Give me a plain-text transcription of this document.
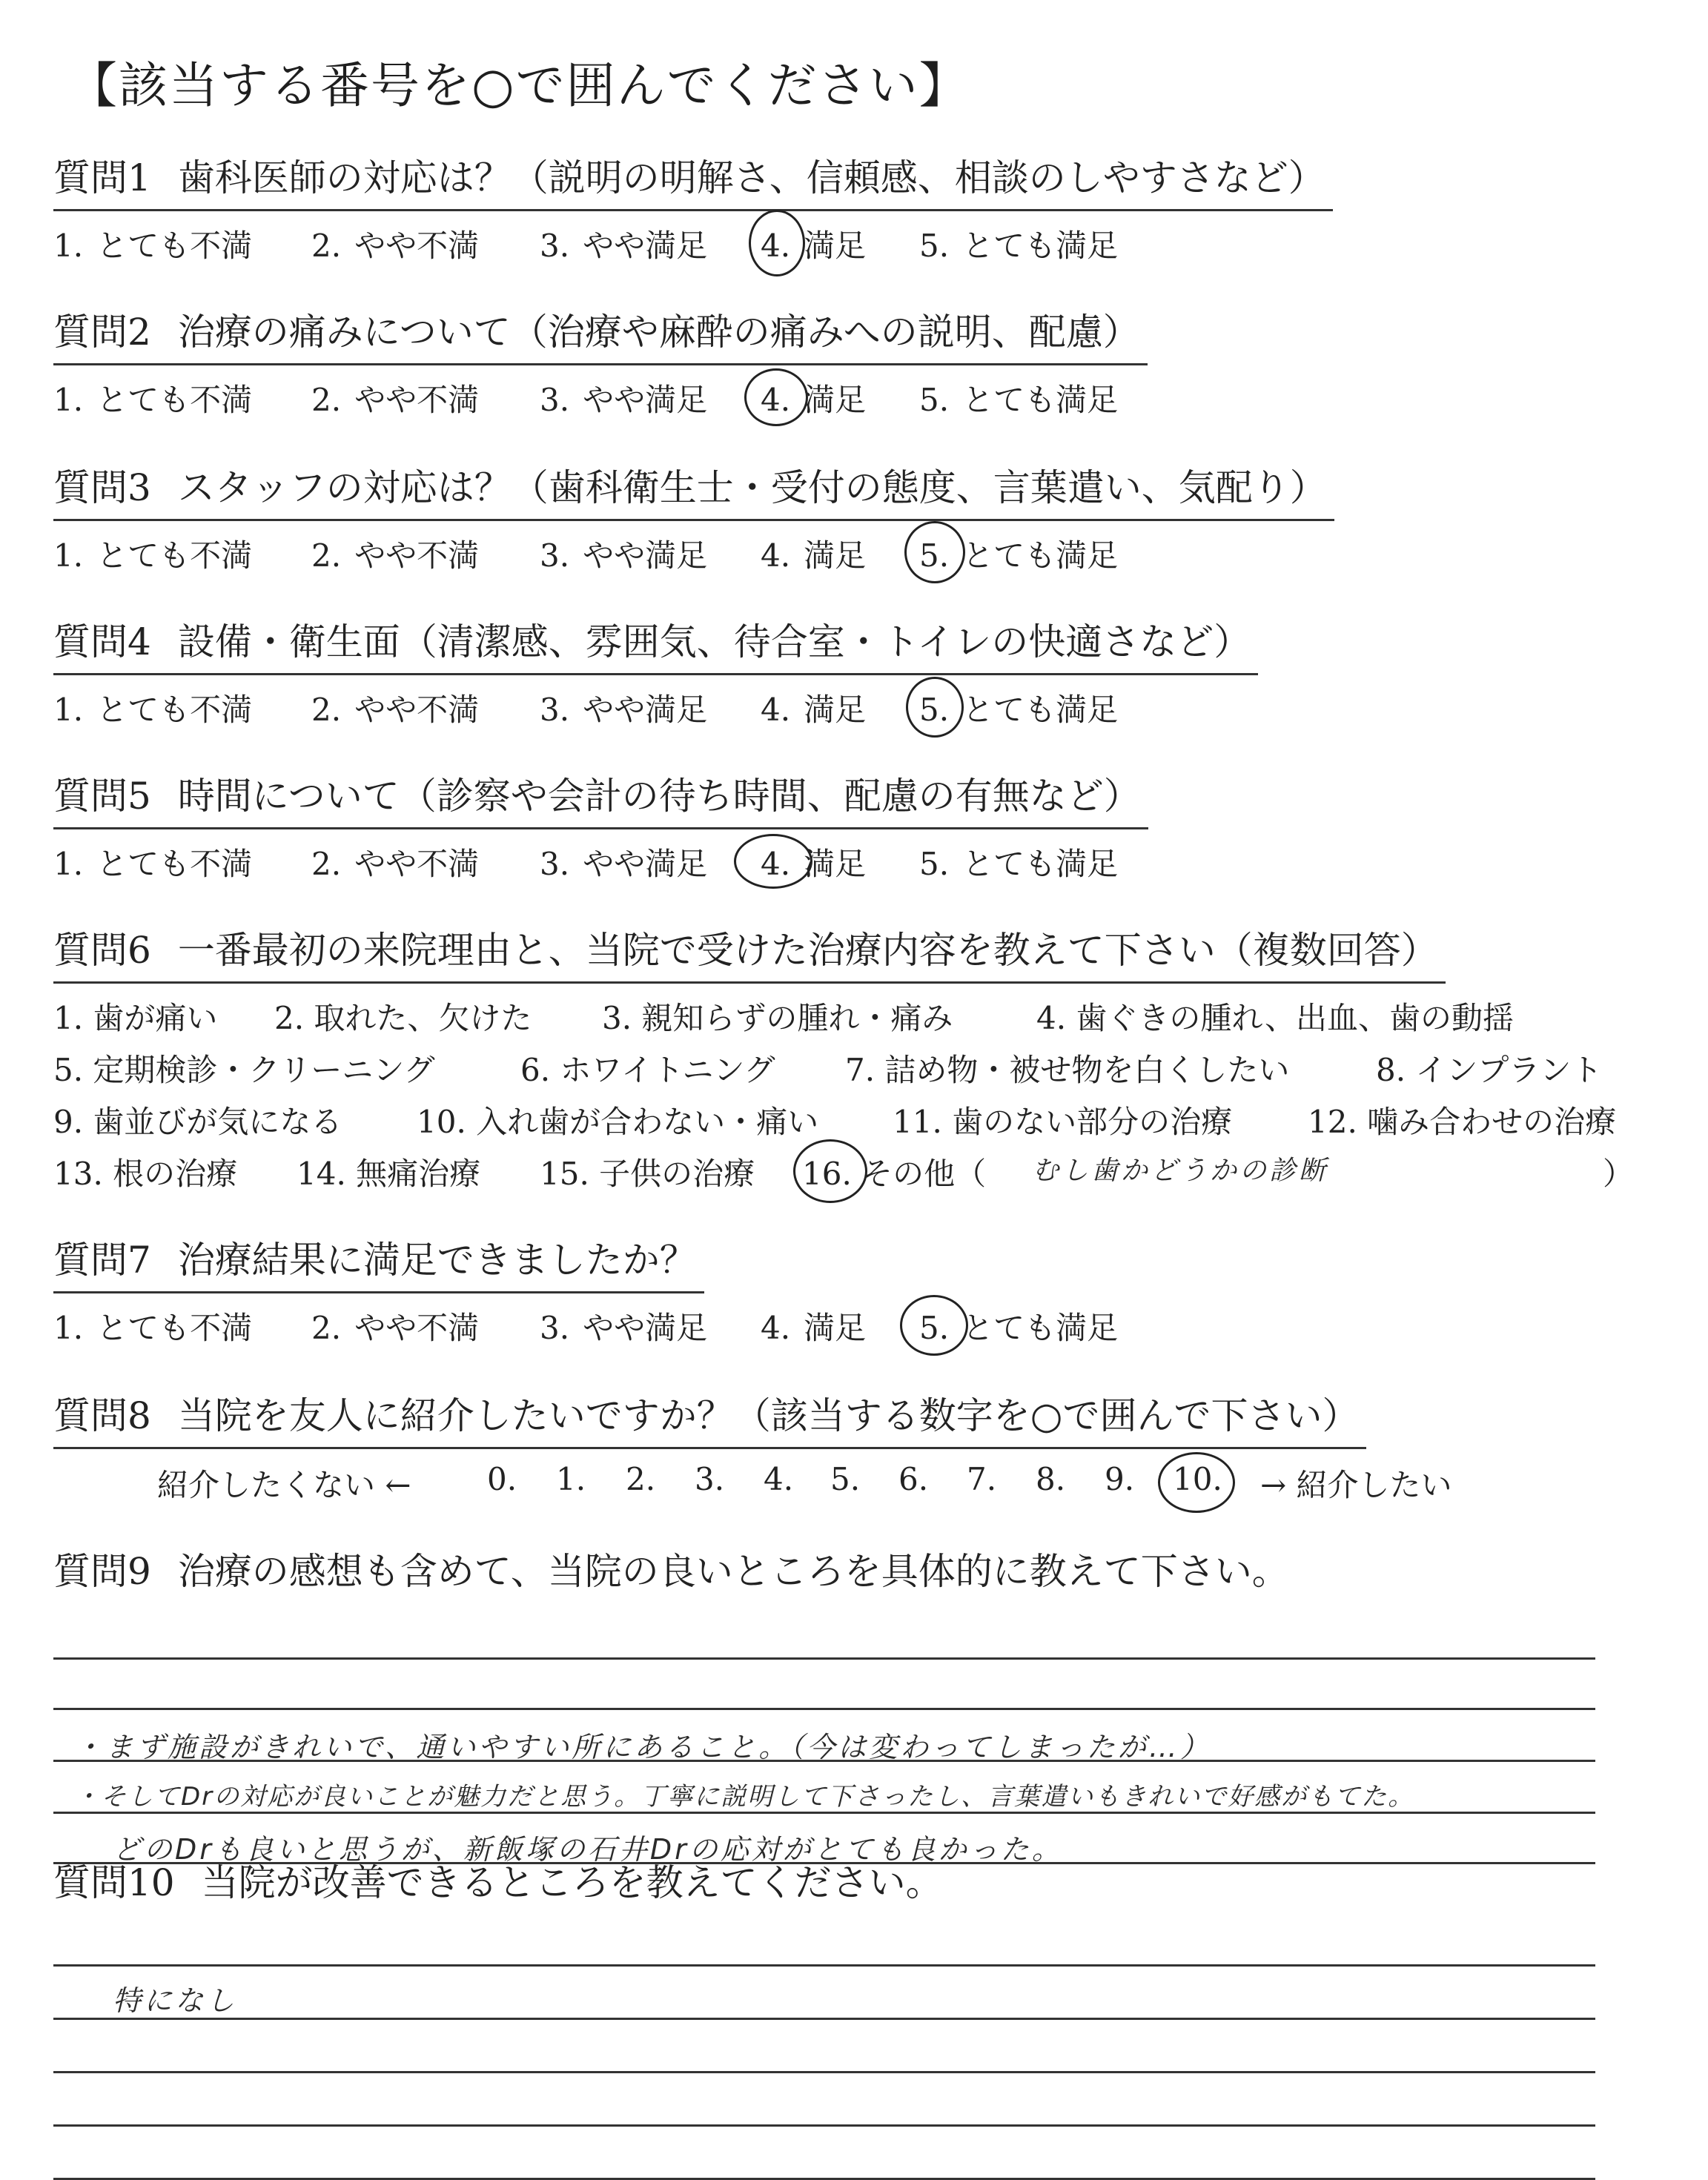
【該当する番号を○で囲んでください】
質問1 歯科医師の対応は？（説明の明解さ、信頼感、相談のしやすさなど）
1. とても不満 2. やや不満 3. やや満足 4. 満足 5. とても満足
質問2 治療の痛みについて（治療や麻酔の痛みへの説明、配慮）
1. とても不満 2. やや不満 3. やや満足 4. 満足 5. とても満足
質問3 スタッフの対応は？（歯科衛生士・受付の態度、言葉遣い、気配り）
1. とても不満 2. やや不満 3. やや満足 4. 満足 5. とても満足
質問4 設備・衛生面（清潔感、雰囲気、待合室・トイレの快適さなど）
1. とても不満 2. やや不満 3. やや満足 4. 満足 5. とても満足
質問5 時間について（診察や会計の待ち時間、配慮の有無など）
1. とても不満 2. やや不満 3. やや満足 4. 満足 5. とても満足
質問6 一番最初の来院理由と、当院で受けた治療内容を教えて下さい（複数回答）
1. 歯が痛い 2. 取れた、欠けた 3. 親知らずの腫れ・痛み	4. 歯ぐきの腫れ、出血、歯の動揺
5. 定期検診・クリーニング	6. ホワイトニング 7. 詰め物・被せ物を白くしたい	8. インプラント
9. 歯並びが気になる 10. 入れ歯が合わない・痛い 11. 歯のない部分の治療 12. 噛み合わせの治療
13. 根の治療 14. 無痛治療 15. 子供の治療 16. その他（ むし歯かどうかの診断	）
質問7 治療結果に満足できましたか？
1. とても不満 2. やや不満 3. やや満足 4. 満足 5. とても満足
質問8 当院を友人に紹介したいですか？（該当する数字を○で囲んで下さい）
紹介したくない ← 0. 1. 2. 3. 4. 5. 6. 7. 8. 9. 10. → 紹介したい
質問9 治療の感想も含めて、当院の良いところを具体的に教えて下さい。
・まず施設がきれいで、通いやすい所にあること。（今は変わってしまったが…）
・そしてDrの対応が良いことが魅力だと思う。丁寧に説明して下さったし、言葉遣いもきれいで好感がもてた。
どのDrも良いと思うが、新飯塚の石井Drの応対がとても良かった。
質問10 当院が改善できるところを教えてください。
特になし
